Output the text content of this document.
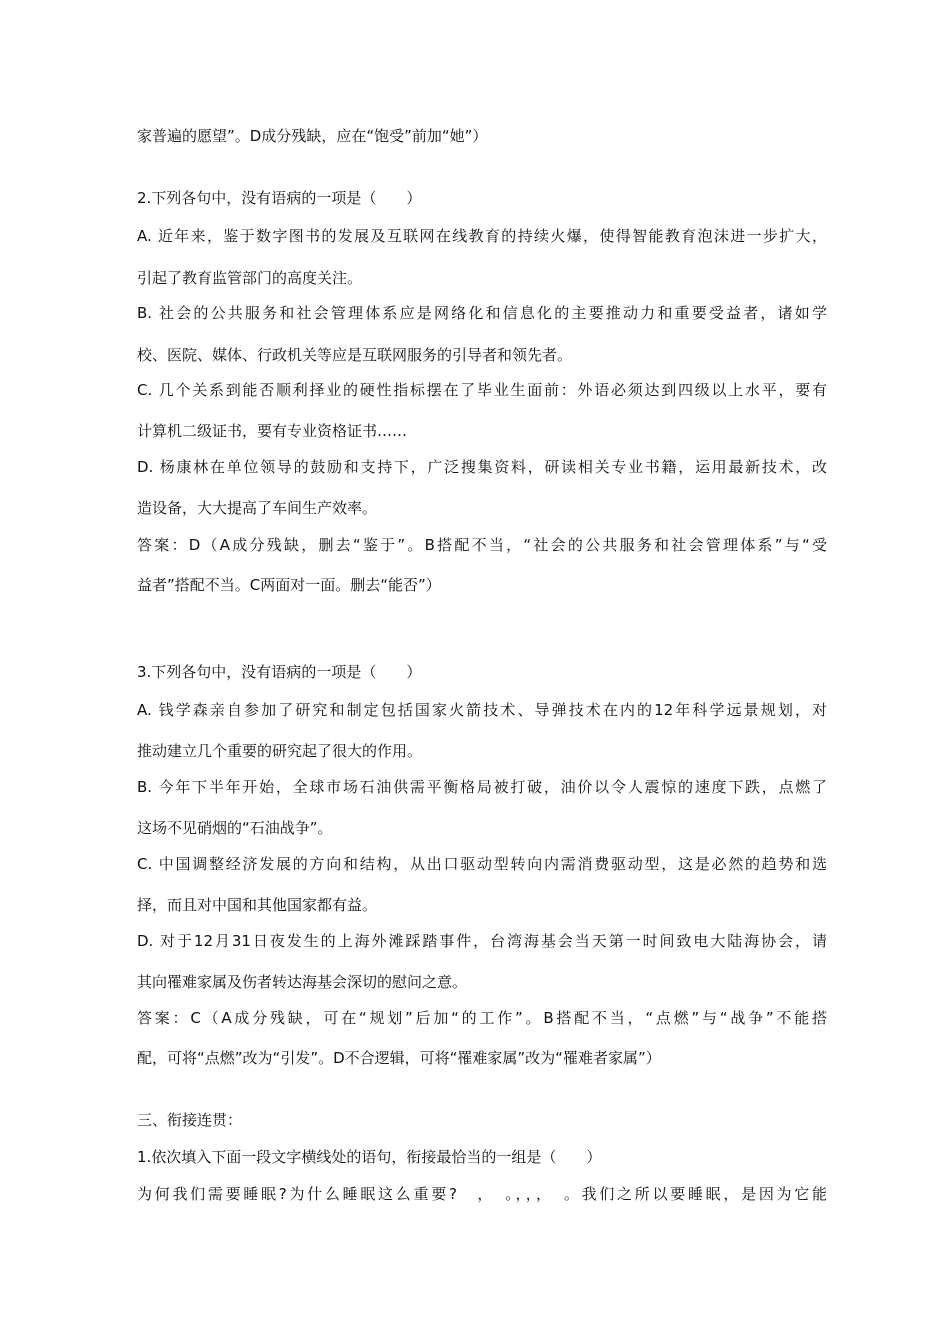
家普遍的愿望”。D成分残缺，应在“饱受”前加“她”）
2.下列各句中，没有语病的一项是（　　）
A. 近年来，鉴于数字图书的发展及互联网在线教育的持续火爆，使得智能教育泡沫进一步扩大，
引起了教育监管部门的高度关注。
B. 社会的公共服务和社会管理体系应是网络化和信息化的主要推动力和重要受益者，诸如学
校、医院、媒体、行政机关等应是互联网服务的引导者和领先者。
C. 几个关系到能否顺利择业的硬性指标摆在了毕业生面前：外语必须达到四级以上水平，要有
计算机二级证书，要有专业资格证书……
D. 杨康林在单位领导的鼓励和支持下，广泛搜集资料，研读相关专业书籍，运用最新技术，改
造设备，大大提高了车间生产效率。
答案：D（A成分残缺，删去“鉴于”。B搭配不当，“社会的公共服务和社会管理体系”与“受
益者”搭配不当。C两面对一面。删去“能否”）
3.下列各句中，没有语病的一项是（　　）
A. 钱学森亲自参加了研究和制定包括国家火箭技术、导弹技术在内的12年科学远景规划，对
推动建立几个重要的研究起了很大的作用。
B. 今年下半年开始，全球市场石油供需平衡格局被打破，油价以令人震惊的速度下跌，点燃了
这场不见硝烟的“石油战争”。
C. 中国调整经济发展的方向和结构，从出口驱动型转向内需消费驱动型，这是必然的趋势和选
择，而且对中国和其他国家都有益。
D. 对于12月31日夜发生的上海外滩踩踏事件，台湾海基会当天第一时间致电大陆海协会，请
其向罹难家属及伤者转达海基会深切的慰问之意。
答案：C（A成分残缺，可在“规划”后加“的工作”。B搭配不当，“点燃”与“战争”不能搭
配，可将“点燃”改为“引发”。D不合逻辑，可将“罹难家属”改为“罹难者家属”）
三、衔接连贯：
1.依次填入下面一段文字横线处的语句，衔接最恰当的一组是（　　）
为何我们需要睡眠?为什么睡眠这么重要?　，　。，，，　。我们之所以要睡眠，是因为它能
